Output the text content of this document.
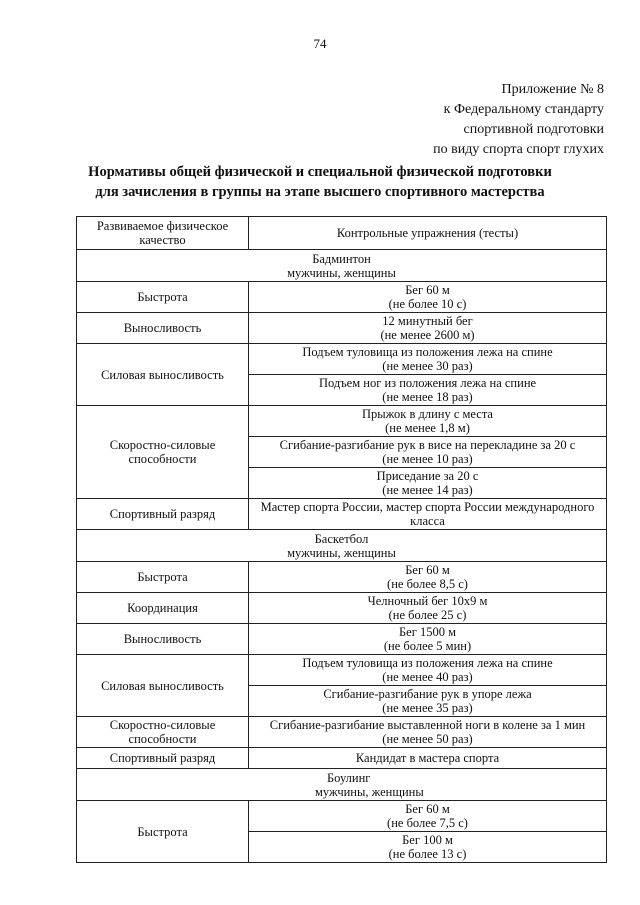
74
Приложение № 8
к Федеральному стандарту
спортивной подготовки
по виду спорта спорт глухих
Нормативы общей физической и специальной физической подготовки
для зачисления в группы на этапе высшего спортивного мастерства
Развиваемое физическое качество	Контрольные упражнения (тесты)

Бадминтон
мужчины, женщины	

Быстрота	Бег 60 м
(не более 10 с)

Выносливость	12 минутный бег
(не менее 2600 м)

Силовая выносливость	Подъем туловища из положения лежа на спине
(не менее 30 раз)

	Подъем ног из положения лежа на спине
(не менее 18 раз)

Скоростно-силовые способности	Прыжок в длину с места
(не менее 1,8 м)

	Сгибание-разгибание рук в висе на перекладине за 20 с
(не менее 10 раз)

	Приседание за 20 с
(не менее 14 раз)

Спортивный разряд	Мастер спорта России, мастер спорта России международного класса

Баскетбол
мужчины, женщины	

Быстрота	Бег 60 м
(не более 8,5 с)

Координация	Челночный бег 10х9 м
(не более 25 с)

Выносливость	Бег 1500 м
(не более 5 мин)

Силовая выносливость	Подъем туловища из положения лежа на спине
(не менее 40 раз)

	Сгибание-разгибание рук в упоре лежа
(не менее 35 раз)

Скоростно-силовые способности	Сгибание-разгибание выставленной ноги в колене за 1 мин
(не менее 50 раз)

Спортивный разряд	Кандидат в мастера спорта

Боулинг
мужчины, женщины	

Быстрота	Бег 60 м
(не более 7,5 с)

	Бег 100 м
(не более 13 с)
